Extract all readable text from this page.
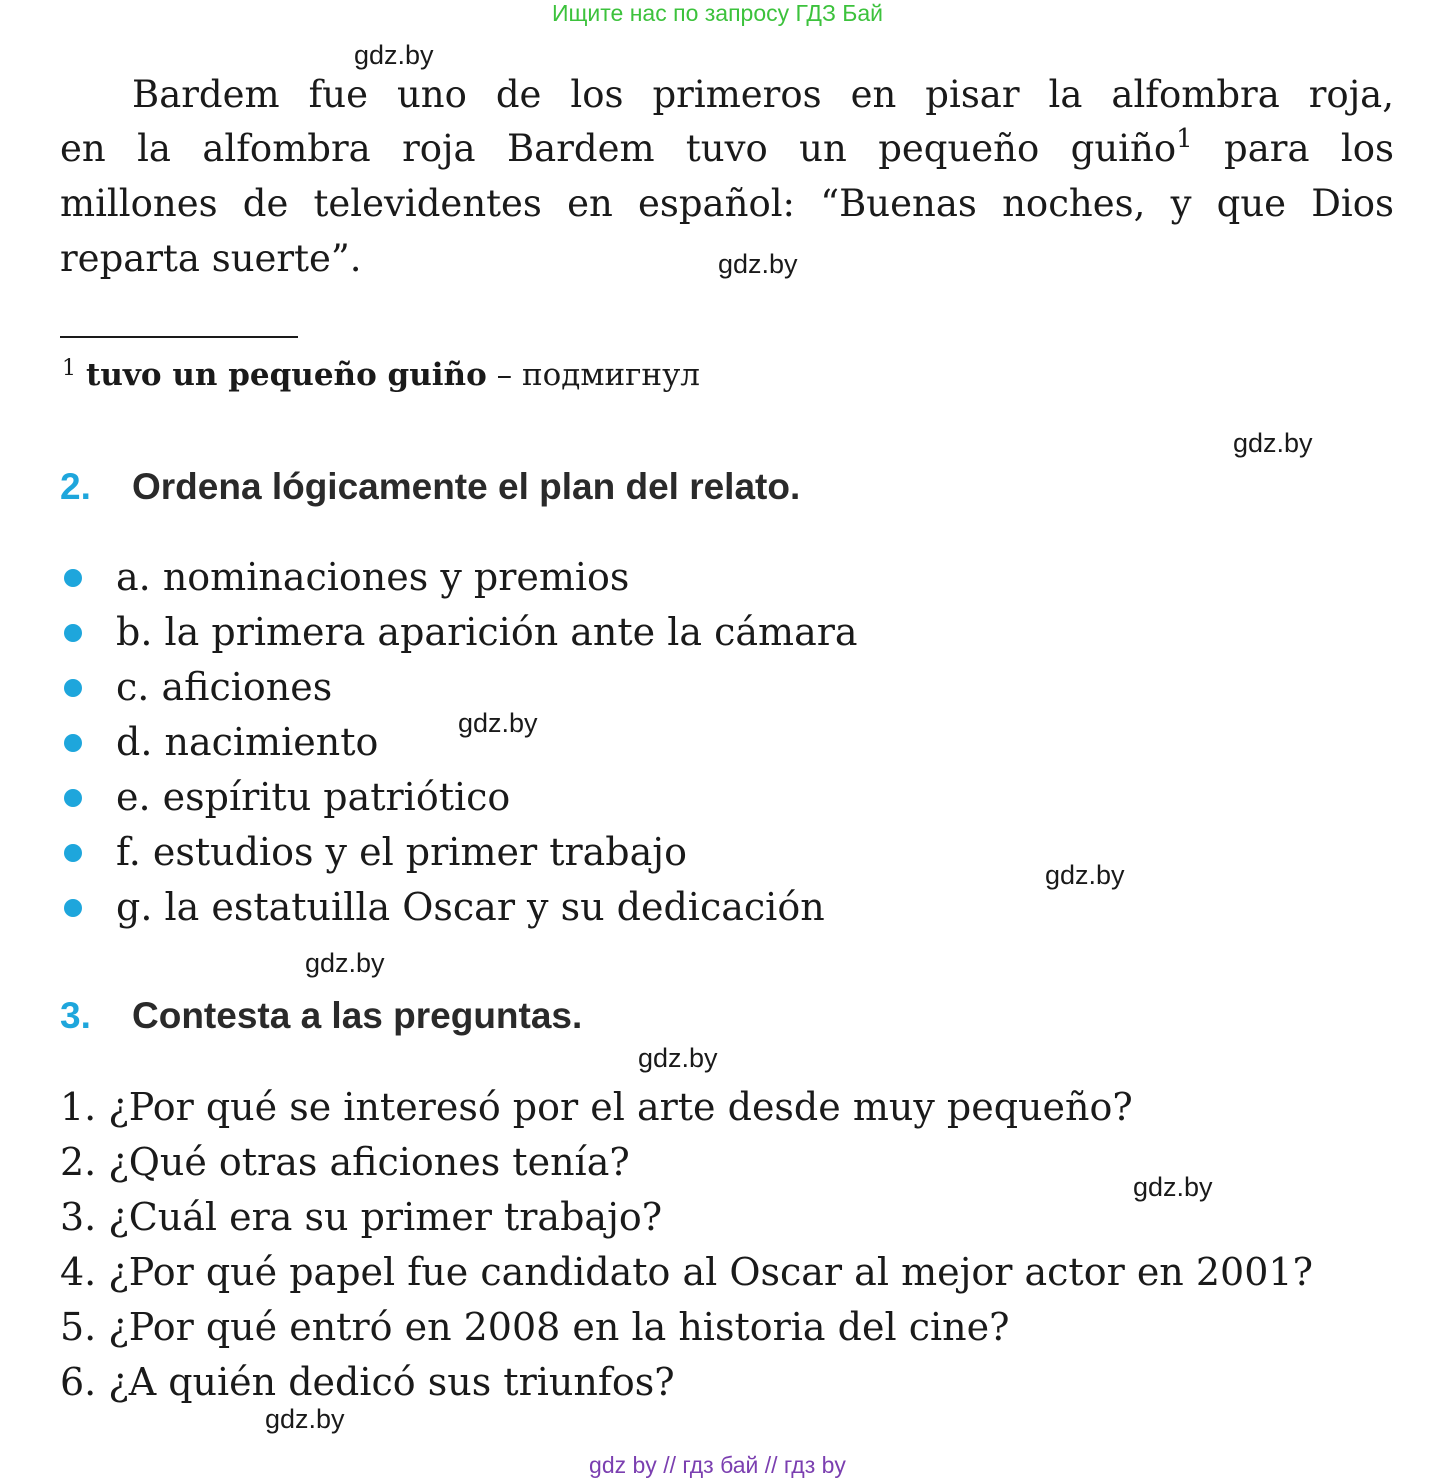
Ищите нас по запросу ГДЗ Бай
gdz.by
gdz.by
gdz.by
gdz.by
gdz.by
gdz.by
gdz.by
gdz.by
gdz.by
Bardem fue uno de los primeros en pisar la alfombra roja,
en la alfombra roja Bardem tuvo un pequeño guiño$^1$ para los
millones de televidentes en español: “Buenas noches, y que Dios
reparta suerte”.
$^1$ tuvo un pequeño guiño – подмигнул
2. Ordena lógicamente el plan del relato.
a. nominaciones y premios
b. la primera aparición ante la cámara
c. aficiones
d. nacimiento
e. espíritu patriótico
f. estudios y el primer trabajo
g. la estatuilla Oscar y su dedicación
3. Contesta a las preguntas.
1. ¿Por qué se interesó por el arte desde muy pequeño?
2. ¿Qué otras aficiones tenía?
3. ¿Cuál era su primer trabajo?
4. ¿Por qué papel fue candidato al Oscar al mejor actor en 2001?
5. ¿Por qué entró en 2008 en la historia del cine?
6. ¿A quién dedicó sus triunfos?
gdz by // гдз бай // гдз by
